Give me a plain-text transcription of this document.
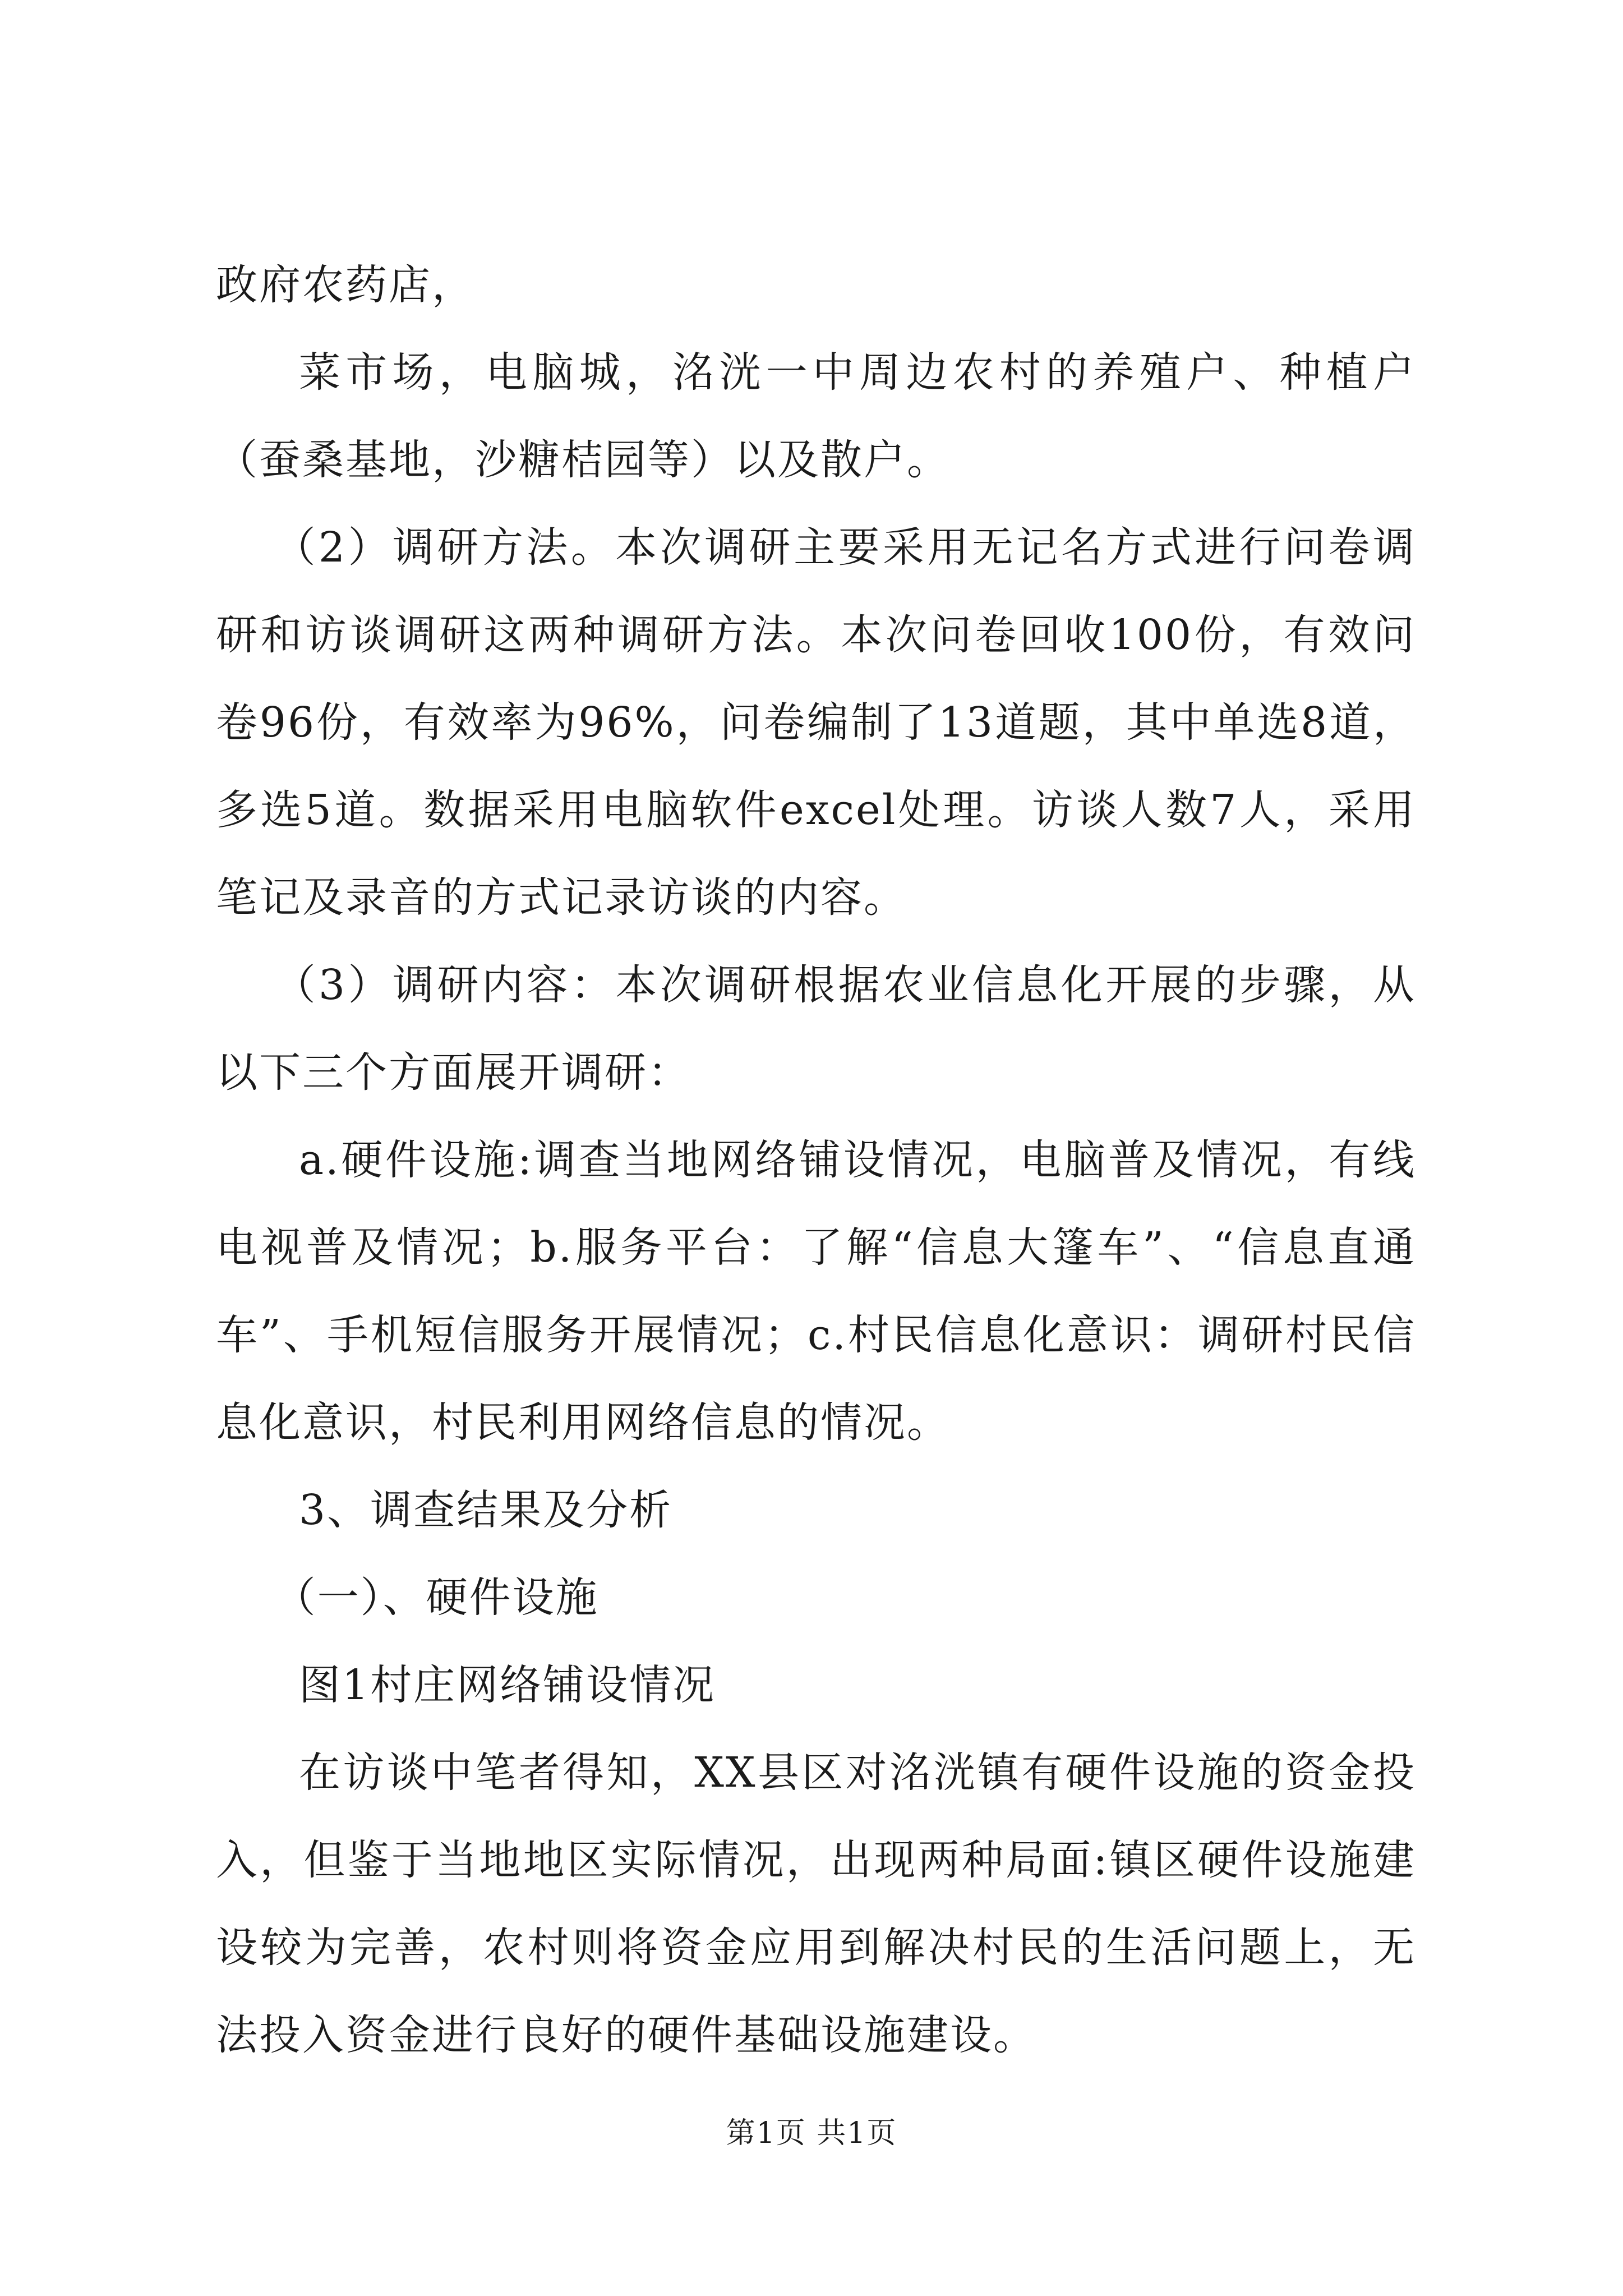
政府农药店，

菜市场，电脑城，洺洸一中周边农村的养殖户、种植户（蚕桑基地，沙糖桔园等）以及散户。

（2）调研方法。本次调研主要采用无记名方式进行问卷调研和访谈调研这两种调研方法。本次问卷回收100份，有效问卷96份，有效率为96%，问卷编制了13道题，其中单选8道，多选5道。数据采用电脑软件excel处理。访谈人数7人，采用笔记及录音的方式记录访谈的内容。

（3）调研内容：本次调研根据农业信息化开展的步骤，从以下三个方面展开调研：

a.硬件设施:调查当地网络铺设情况，电脑普及情况，有线电视普及情况；b.服务平台：了解“信息大篷车”、“信息直通车”、手机短信服务开展情况；c.村民信息化意识：调研村民信息化意识，村民利用网络信息的情况。

3、调查结果及分析

（一）、硬件设施

图1村庄网络铺设情况

在访谈中笔者得知，XX县区对洺洸镇有硬件设施的资金投入，但鉴于当地地区实际情况，出现两种局面:镇区硬件设施建设较为完善，农村则将资金应用到解决村民的生活问题上，无法投入资金进行良好的硬件基础设施建设。

第1页 共1页
